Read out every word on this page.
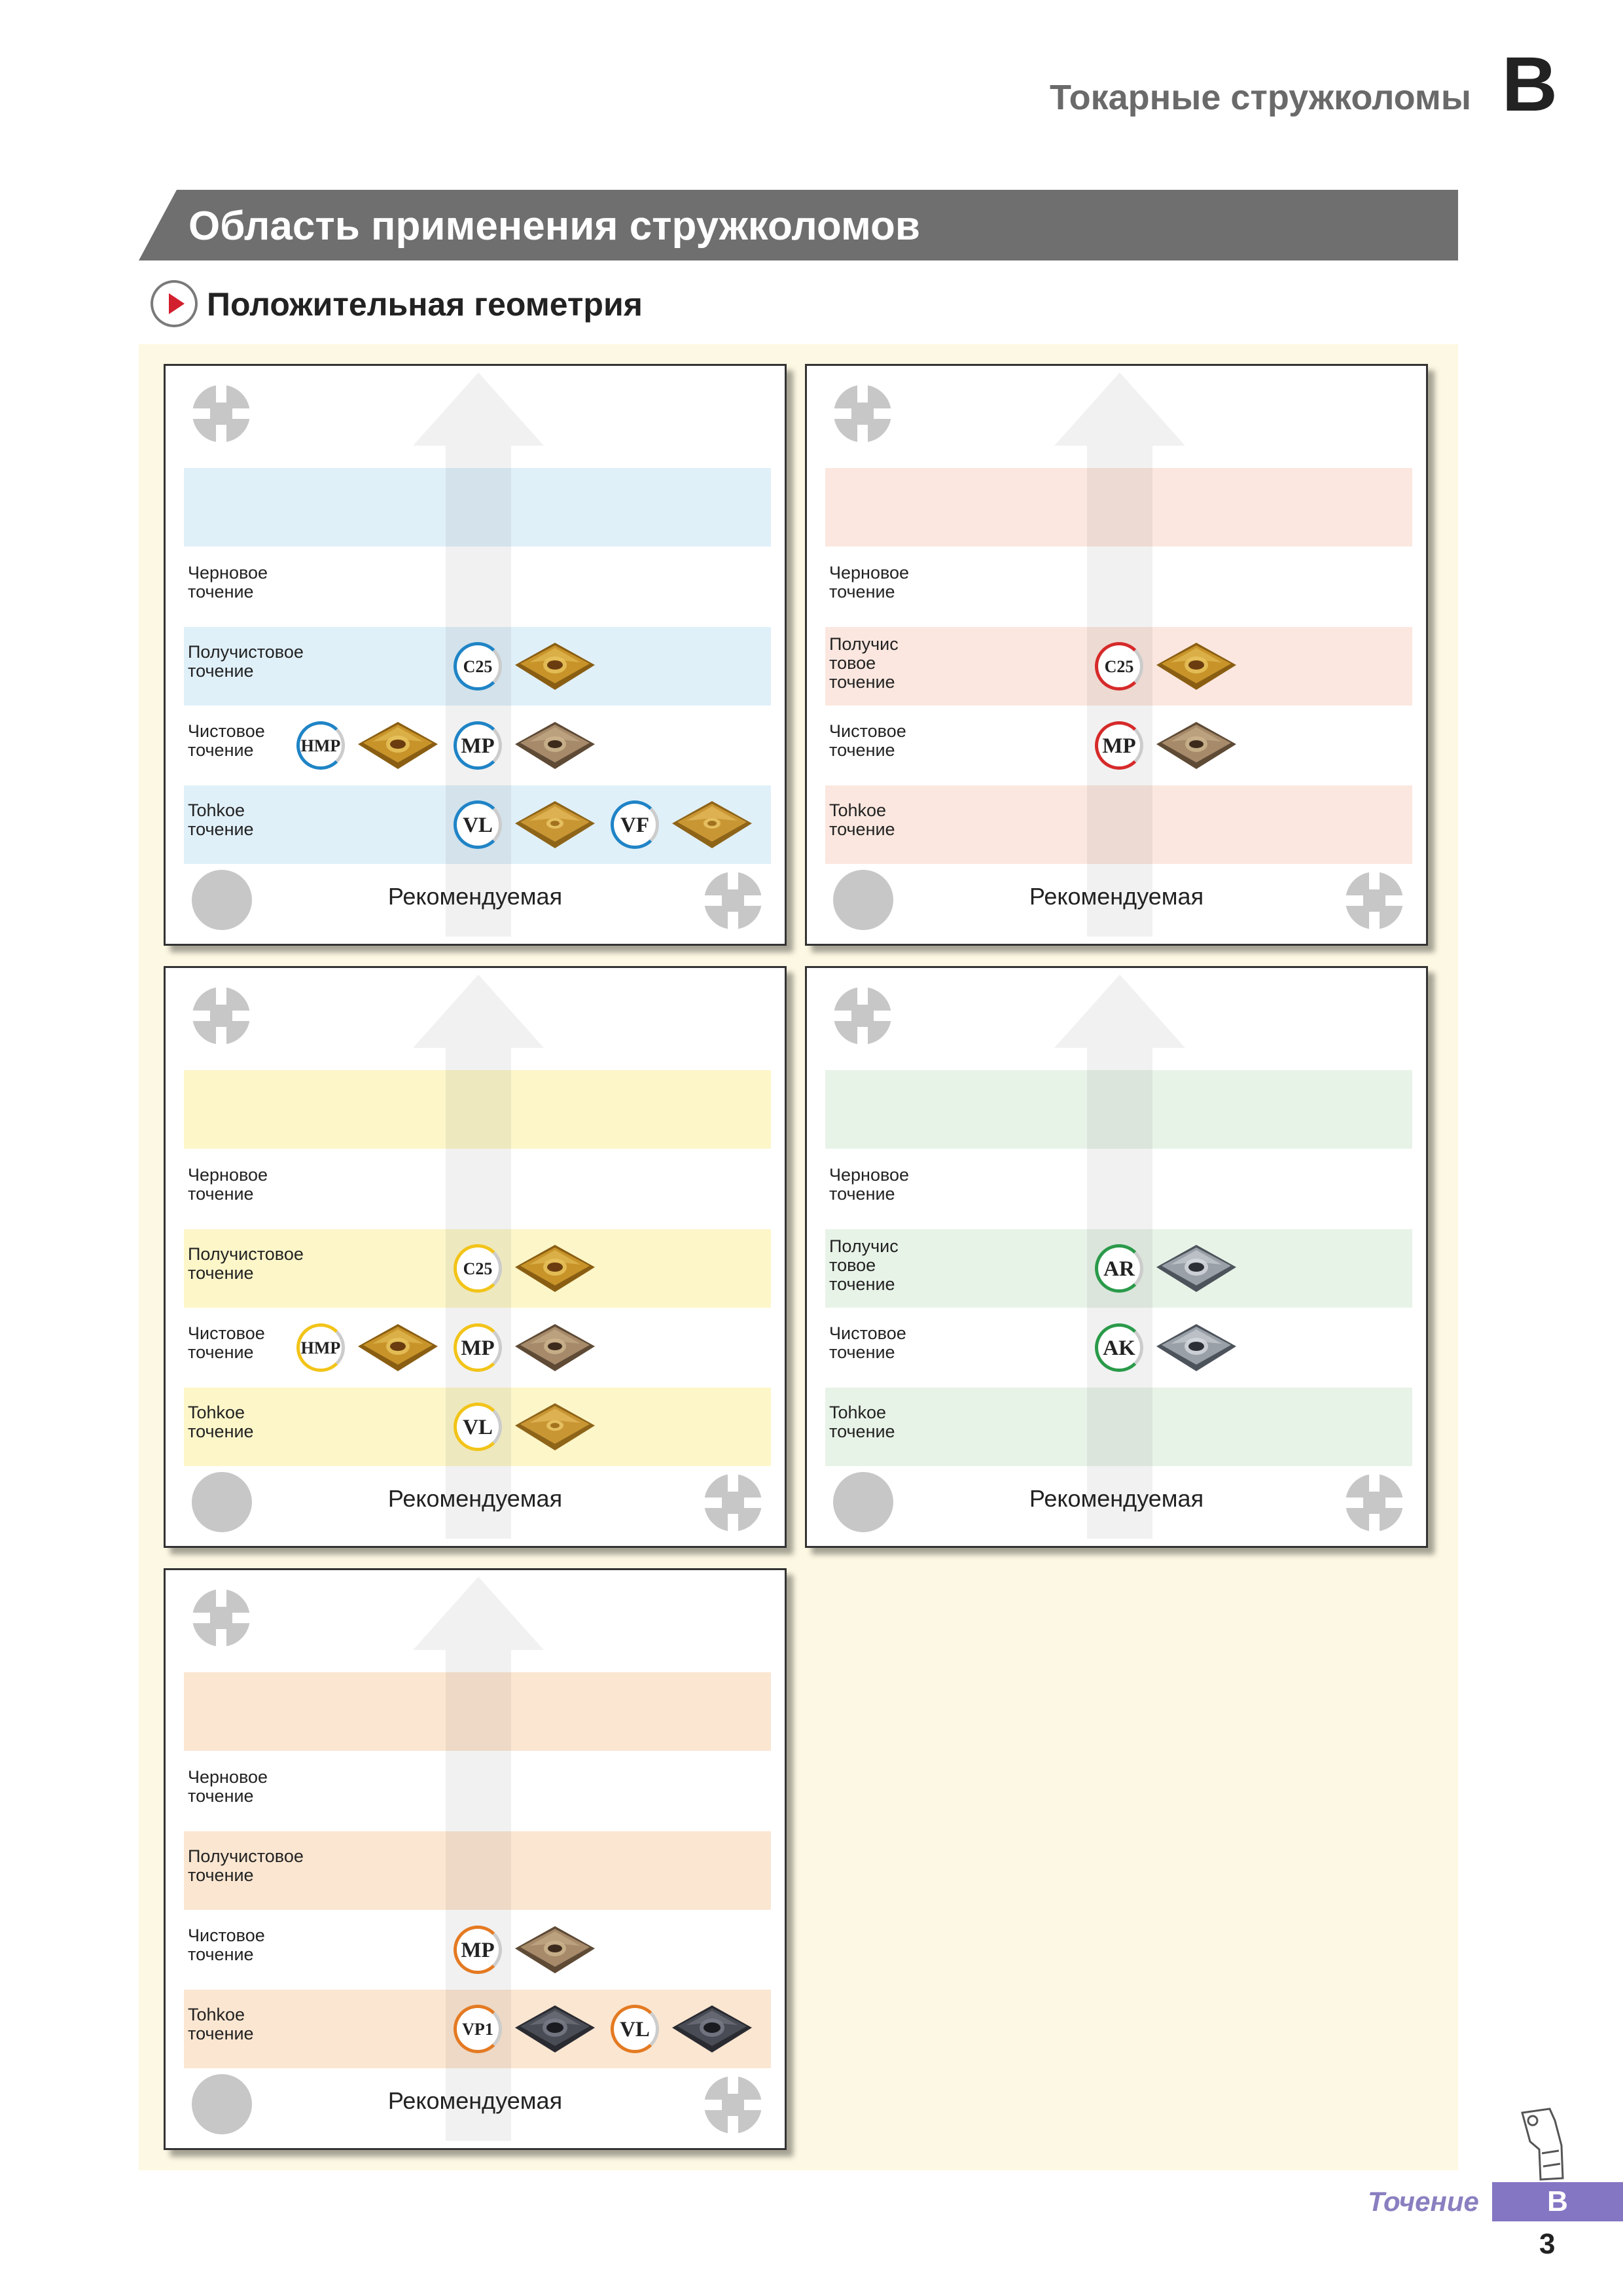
Токарные стружколомы B
Область применения стружколомов
Положительная геометрия
Рекомендуемая
Черновое
точение
Получистовое
точение
Чистовое
точение
Tohkoe
точение
C25
HMP	MP
VL	VF
Рекомендуемая
Черновое
точение
Получис
товое
точение
Чистовое
точение
Tohkoe
точение
C25
MP
Рекомендуемая
Черновое
точение
Получистовое
точение
Чистовое
точение
Tohkoe
точение
C25
HMP	MP
VL
Рекомендуемая
Черновое
точение
Получис
товое
точение
Чистовое
точение
Tohkoe
точение
AR
AK
Рекомендуемая
Черновое
точение
Получистовое
точение
Чистовое
точение
Tohkoe
точение
MP
VP1	VL
Точение	B
3
